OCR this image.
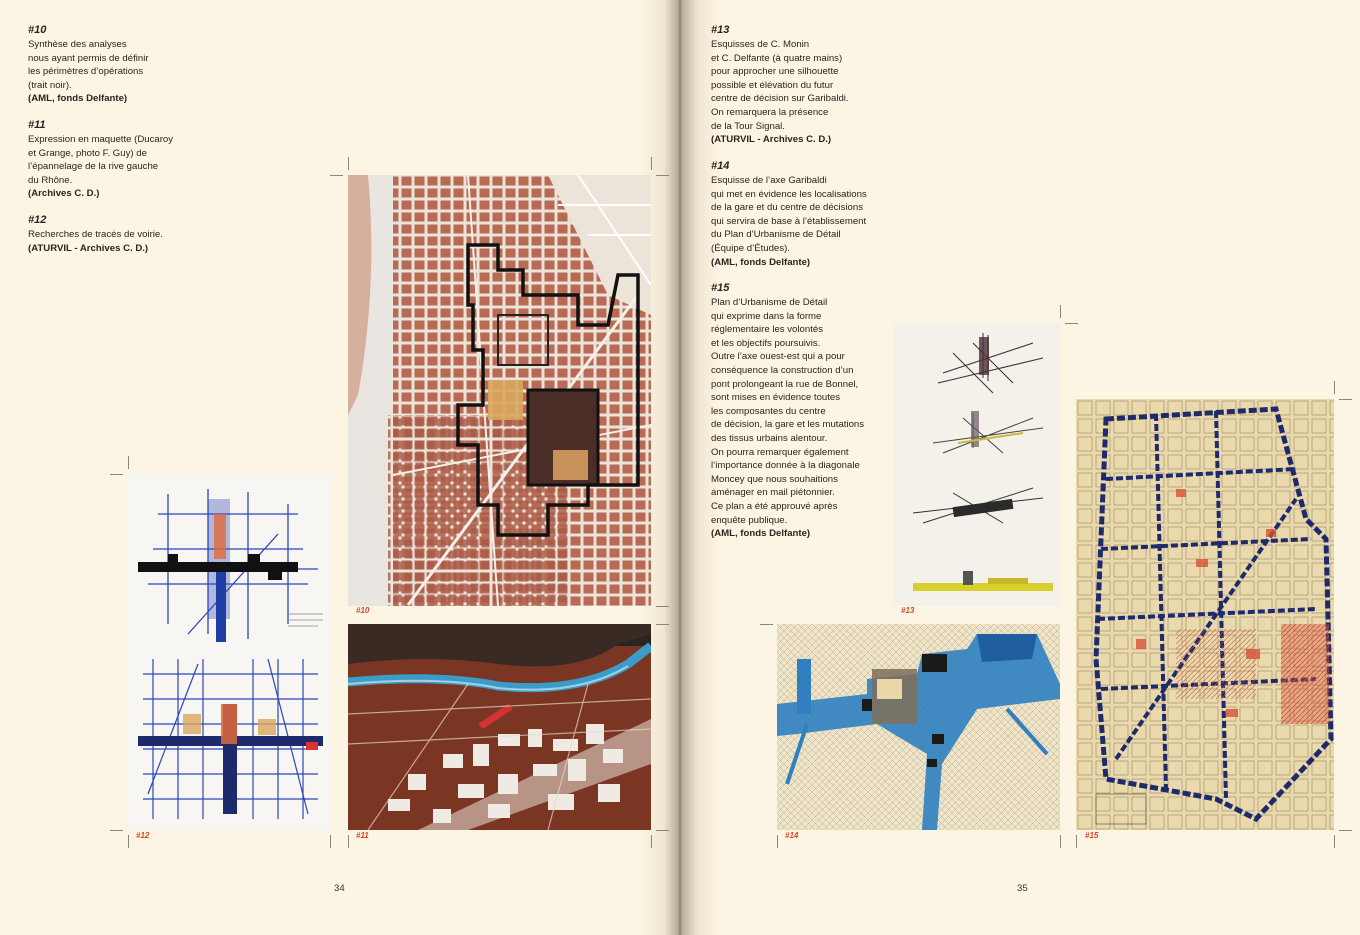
#10
Synthèse des analyses
nous ayant permis de définir
les périmètres d’opérations
(trait noir).
(AML, fonds Delfante)
#11
Expression en maquette (Ducaroy
et Grange, photo F. Guy) de
l’épannelage de la rive gauche
du Rhône.
(Archives C. D.)
#12
Recherches de tracés de voirie.
(ATURVIL - Archives C. D.)
#13
Esquisses de C. Monin
et C. Delfante (à quatre mains)
pour approcher une silhouette
possible et élévation du futur
centre de décision sur Garibaldi.
On remarquera la présence
de la Tour Signal.
(ATURVIL - Archives C. D.)
#14
Esquisse de l’axe Garibaldi
qui met en évidence les localisations
de la gare et du centre de décisions
qui servira de base à l’établissement
du Plan d’Urbanisme de Détail
(Équipe d’Études).
(AML, fonds Delfante)
#15
Plan d’Urbanisme de Détail
qui exprime dans la forme
réglementaire les volontés
et les objectifs poursuivis.
Outre l’axe ouest-est qui a pour
conséquence la construction d’un
pont prolongeant la rue de Bonnel,
sont mises en évidence toutes
les composantes du centre
de décision, la gare et les mutations
des tissus urbains alentour.
On pourra remarquer également
l’importance donnée à la diagonale
Moncey que nous souhaitions
aménager en mail piétonnier.
Ce plan a été approuvé après
enquête publique.
(AML, fonds Delfante)
#10
#11
#12
#13
#14	#15
34	35
